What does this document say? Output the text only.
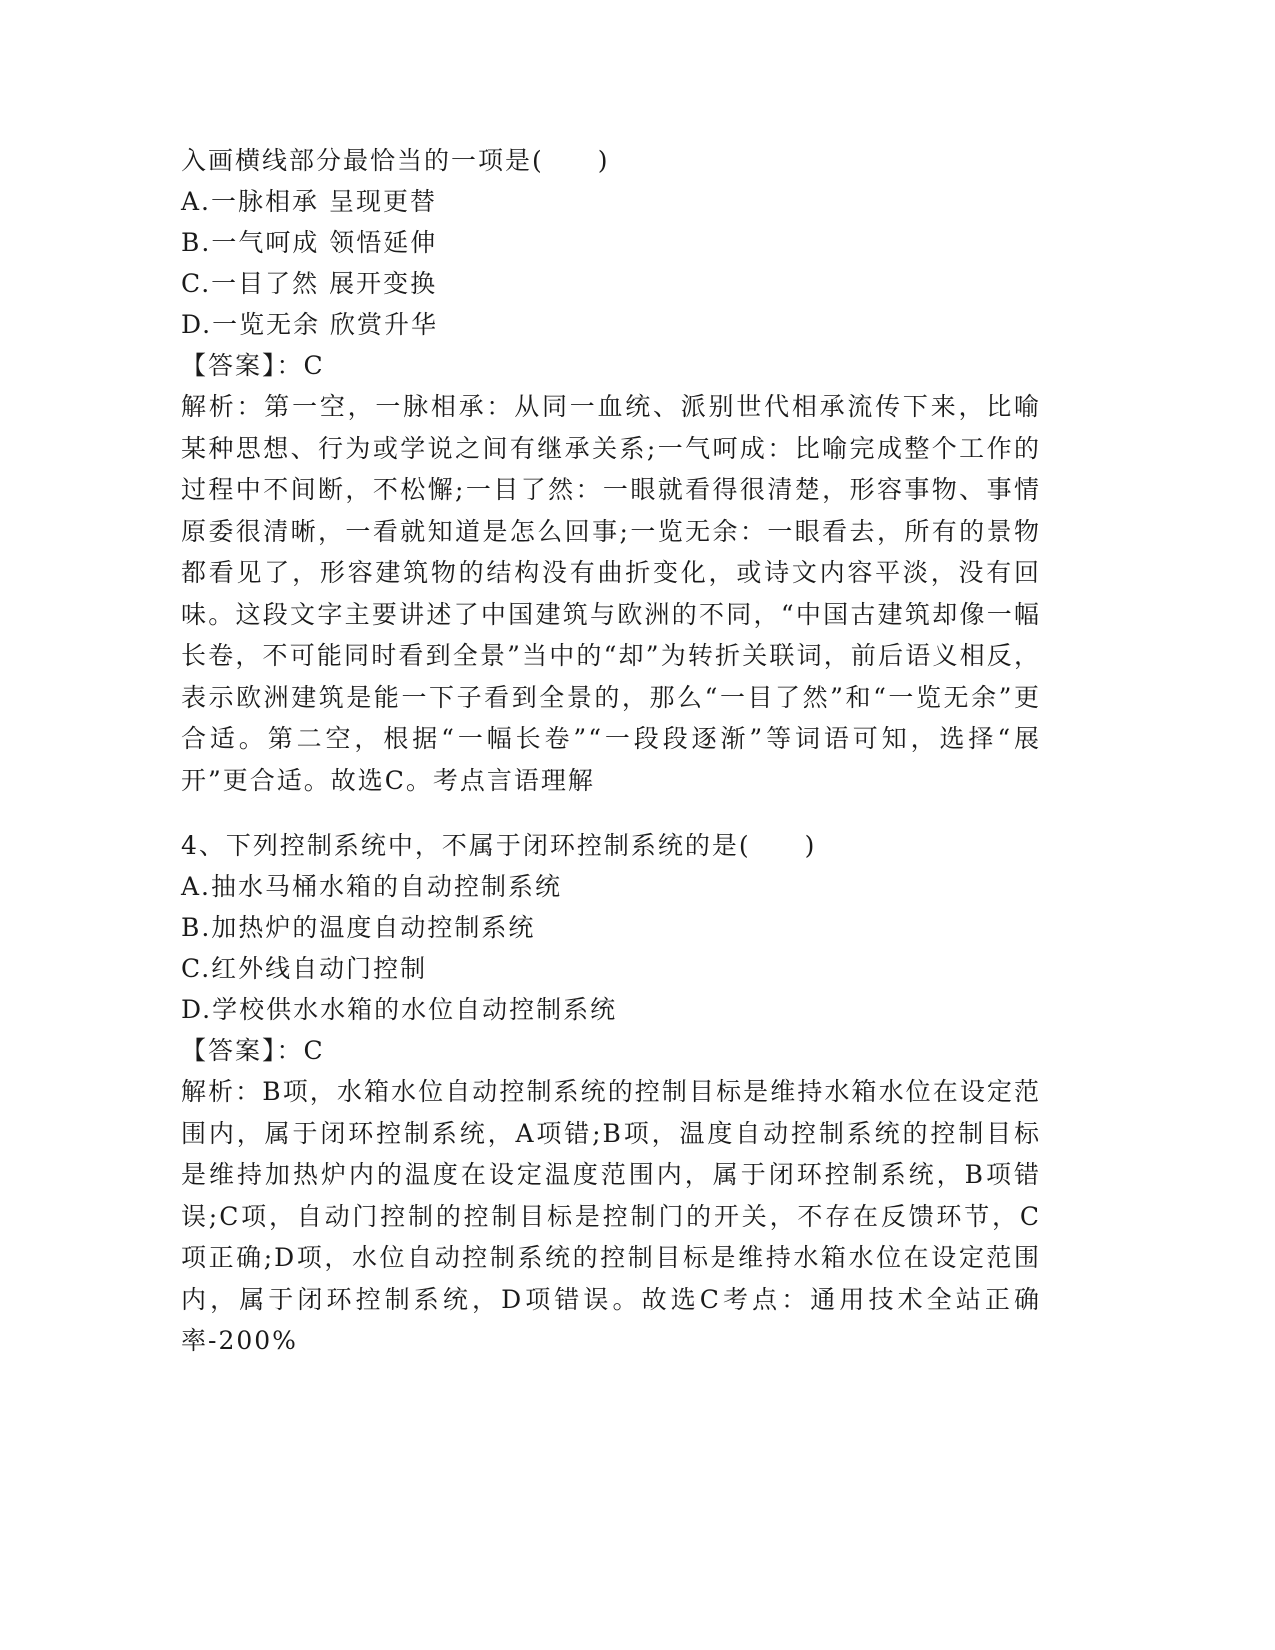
入画横线部分最恰当的一项是(　　)
A.一脉相承 呈现更替
B.一气呵成 领悟延伸
C.一目了然 展开变换
D.一览无余 欣赏升华
【答案】：C
解析：第一空，一脉相承：从同一血统、派别世代相承流传下来，比喻某种思想、行为或学说之间有继承关系;一气呵成：比喻完成整个工作的过程中不间断，不松懈;一目了然：一眼就看得很清楚，形容事物、事情原委很清晰，一看就知道是怎么回事;一览无余：一眼看去，所有的景物都看见了，形容建筑物的结构没有曲折变化，或诗文内容平淡，没有回味。这段文字主要讲述了中国建筑与欧洲的不同，“中国古建筑却像一幅长卷，不可能同时看到全景”当中的“却”为转折关联词，前后语义相反，表示欧洲建筑是能一下子看到全景的，那么“一目了然”和“一览无余”更合适。第二空，根据“一幅长卷”“一段段逐渐”等词语可知，选择“展开”更合适。故选C。考点言语理解
4、下列控制系统中，不属于闭环控制系统的是(　　)
A.抽水马桶水箱的自动控制系统
B.加热炉的温度自动控制系统
C.红外线自动门控制
D.学校供水水箱的水位自动控制系统
【答案】：C
解析：B项，水箱水位自动控制系统的控制目标是维持水箱水位在设定范围内，属于闭环控制系统，A项错;B项，温度自动控制系统的控制目标是维持加热炉内的温度在设定温度范围内，属于闭环控制系统，B项错误;C项，自动门控制的控制目标是控制门的开关，不存在反馈环节，C项正确;D项，水位自动控制系统的控制目标是维持水箱水位在设定范围内，属于闭环控制系统，D项错误。故选C考点：通用技术全站正确率-200%
